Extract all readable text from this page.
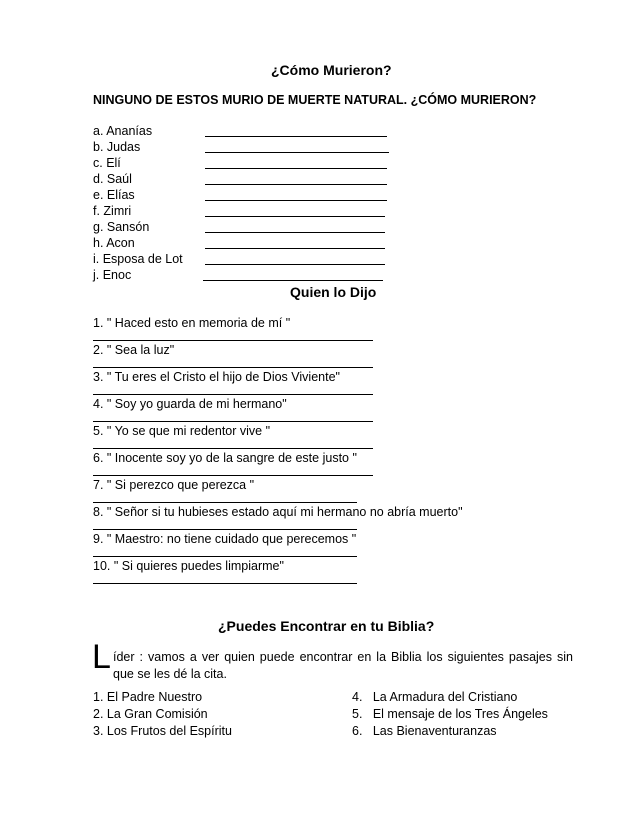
¿Cómo Murieron?
NINGUNO DE ESTOS MURIO DE MUERTE NATURAL. ¿CÓMO MURIERON?
a. Ananías
b. Judas
c. Elí
d. Saúl
e. Elías
f. Zimri
g. Sansón
h. Acon
i. Esposa de Lot
j. Enoc
Quien lo Dijo
1. " Haced esto en memoria de mí "
2. " Sea la luz"
3. " Tu eres el Cristo el hijo de Dios Viviente"
4. " Soy yo guarda de mi hermano"
5. " Yo se que mi redentor vive "
6. " Inocente soy yo de la sangre de este justo "
7. " Si perezco que perezca "
8. " Señor si tu hubieses estado aquí mi hermano no abría muerto"
9. " Maestro: no tiene cuidado que perecemos "
10. " Si quieres puedes limpiarme"
¿Puedes Encontrar en tu Biblia?
L íder : vamos a ver quien puede encontrar en la Biblia los siguientes pasajes sin que se les dé la cita.
1. El Padre Nuestro
2. La Gran Comisión
3. Los Frutos del Espíritu
4.   La Armadura del Cristiano
5.   El mensaje de los Tres Ángeles
6.   Las Bienaventuranzas
